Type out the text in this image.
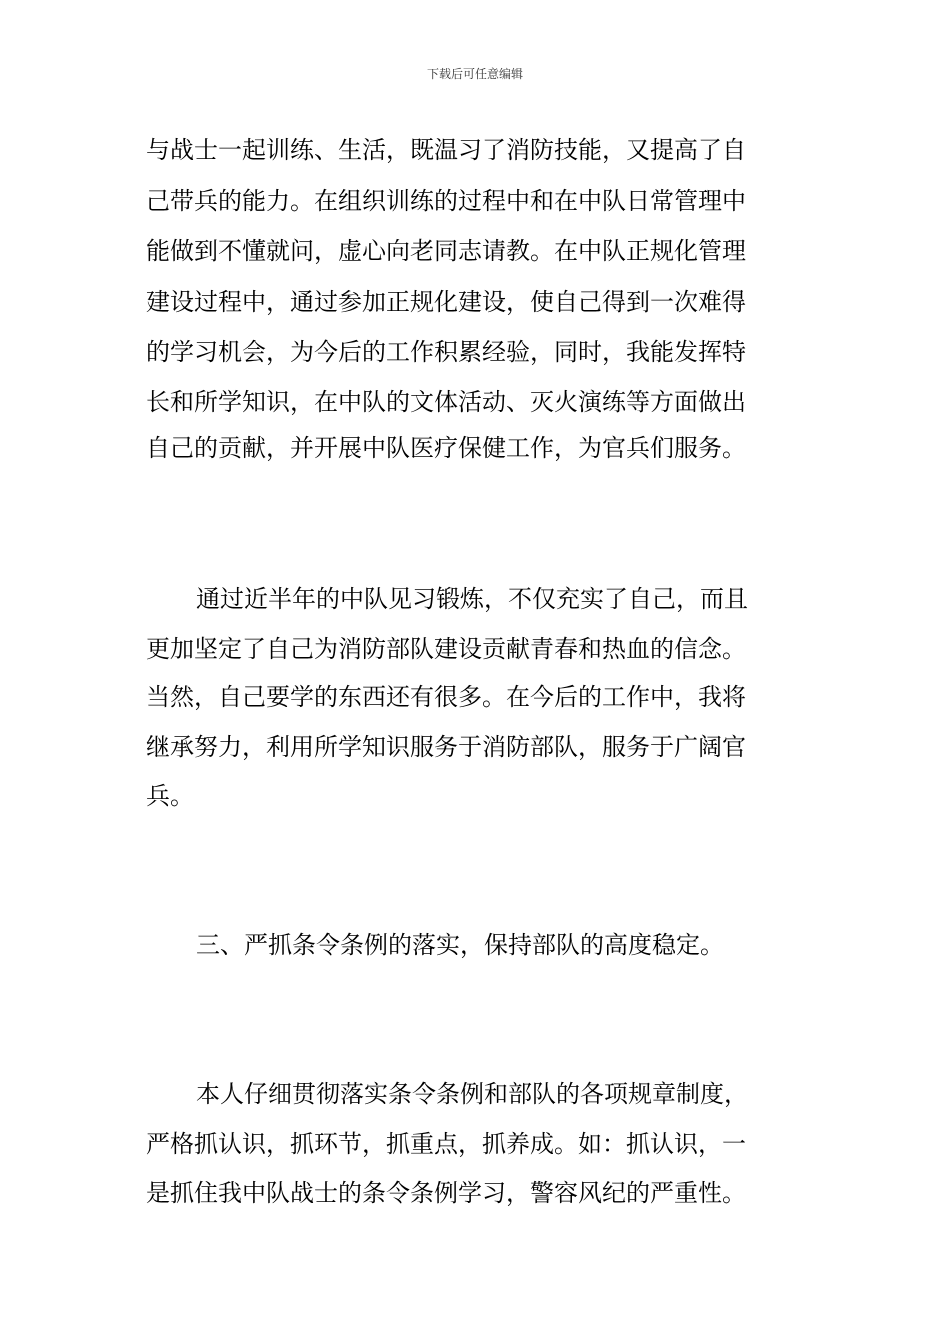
下载后可任意编辑
与战士一起训练、生活，既温习了消防技能，又提高了自
己带兵的能力。在组织训练的过程中和在中队日常管理中
能做到不懂就问，虚心向老同志请教。在中队正规化管理
建设过程中，通过参加正规化建设，使自己得到一次难得
的学习机会，为今后的工作积累经验，同时，我能发挥特
长和所学知识，在中队的文体活动、灭火演练等方面做出
自己的贡献，并开展中队医疗保健工作，为官兵们服务。
通过近半年的中队见习锻炼，不仅充实了自己，而且
更加坚定了自己为消防部队建设贡献青春和热血的信念。
当然，自己要学的东西还有很多。在今后的工作中，我将
继承努力，利用所学知识服务于消防部队，服务于广阔官
兵。
三、严抓条令条例的落实，保持部队的高度稳定。
本人仔细贯彻落实条令条例和部队的各项规章制度，
严格抓认识，抓环节，抓重点，抓养成。如：抓认识，一
是抓住我中队战士的条令条例学习，警容风纪的严重性。
